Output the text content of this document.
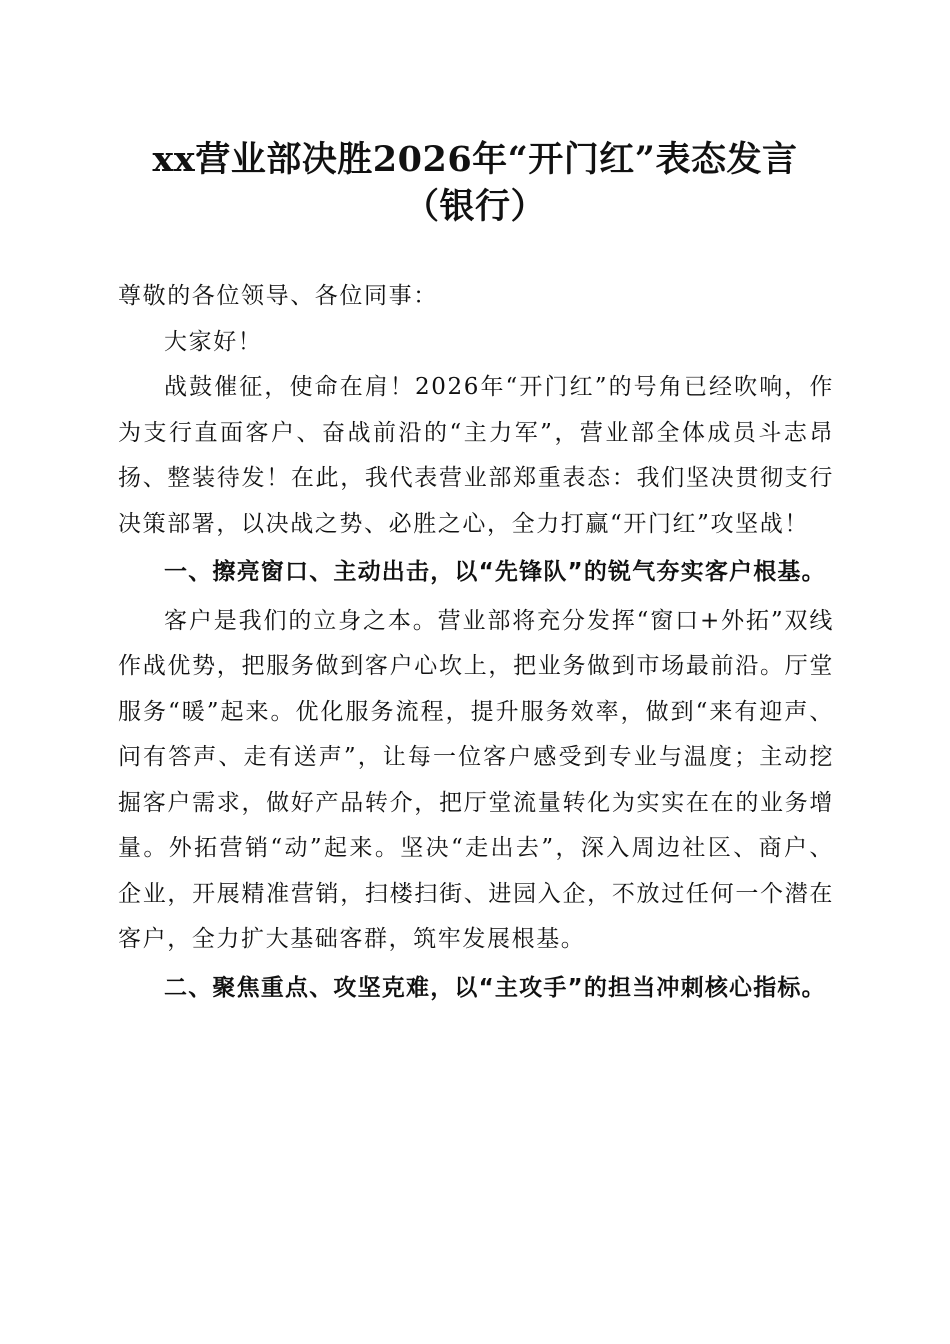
xx营业部决胜2026年“开门红”表态发言
（银行）

尊敬的各位领导、各位同事：

大家好！

战鼓催征，使命在肩！2026年“开门红”的号角已经吹响，作为支行直面客户、奋战前沿的“主力军”，营业部全体成员斗志昂扬、整装待发！在此，我代表营业部郑重表态：我们坚决贯彻支行决策部署，以决战之势、必胜之心，全力打赢“开门红”攻坚战！

一、擦亮窗口、主动出击，以“先锋队”的锐气夯实客户根基。

客户是我们的立身之本。营业部将充分发挥“窗口+外拓”双线作战优势，把服务做到客户心坎上，把业务做到市场最前沿。厅堂服务“暖”起来。优化服务流程，提升服务效率，做到“来有迎声、问有答声、走有送声”，让每一位客户感受到专业与温度；主动挖掘客户需求，做好产品转介，把厅堂流量转化为实实在在的业务增量。外拓营销“动”起来。坚决“走出去”，深入周边社区、商户、企业，开展精准营销，扫楼扫街、进园入企，不放过任何一个潜在客户，全力扩大基础客群，筑牢发展根基。

二、聚焦重点、攻坚克难，以“主攻手”的担当冲刺核心指标。
